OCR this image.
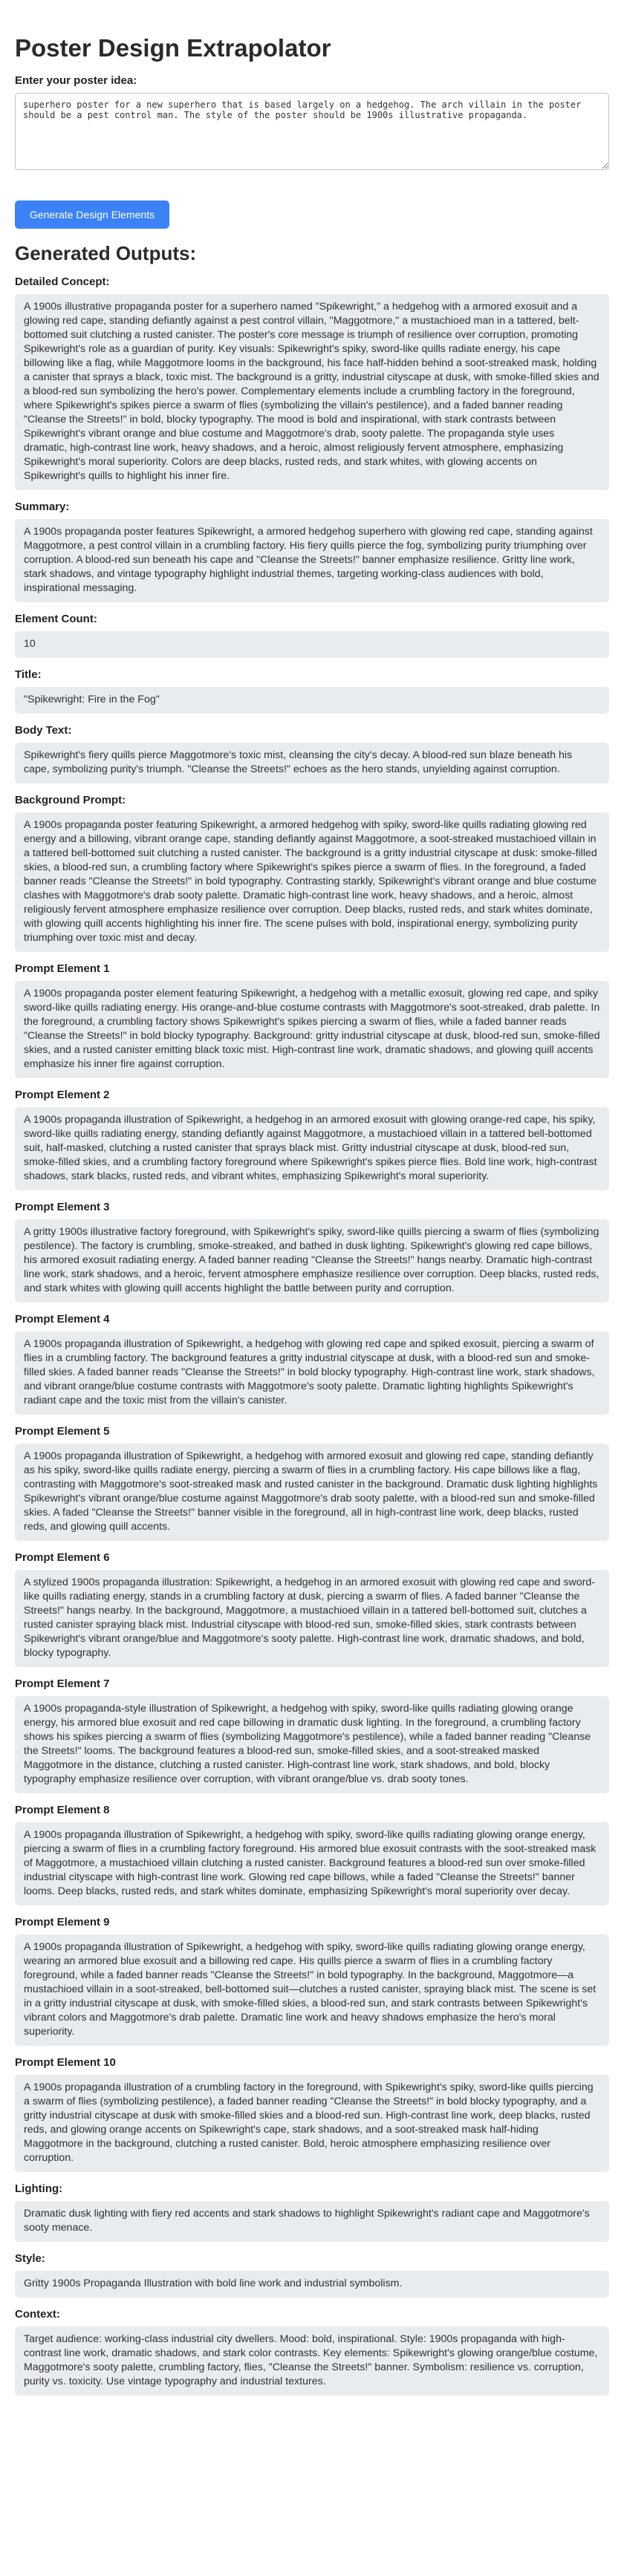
Poster Design Extrapolator
Enter your poster idea:
superhero poster for a new superhero that is based largely on a hedgehog. The arch villain in the poster should be a pest control man. The style of the poster should be 1900s illustrative propaganda.
Generate Design Elements
Generated Outputs:
Detailed Concept:
A 1900s illustrative propaganda poster for a superhero named "Spikewright," a hedgehog with a armored exosuit and a glowing red cape, standing defiantly against a pest control villain, "Maggotmore," a mustachioed man in a tattered, belt-bottomed suit clutching a rusted canister. The poster's core message is triumph of resilience over corruption, promoting Spikewright's role as a guardian of purity. Key visuals: Spikewright's spiky, sword-like quills radiate energy, his cape billowing like a flag, while Maggotmore looms in the background, his face half-hidden behind a soot-streaked mask, holding a canister that sprays a black, toxic mist. The background is a gritty, industrial cityscape at dusk, with smoke-filled skies and a blood-red sun symbolizing the hero's power. Complementary elements include a crumbling factory in the foreground, where Spikewright's spikes pierce a swarm of flies (symbolizing the villain's pestilence), and a faded banner reading "Cleanse the Streets!" in bold, blocky typography. The mood is bold and inspirational, with stark contrasts between Spikewright's vibrant orange and blue costume and Maggotmore's drab, sooty palette. The propaganda style uses dramatic, high-contrast line work, heavy shadows, and a heroic, almost religiously fervent atmosphere, emphasizing Spikewright's moral superiority. Colors are deep blacks, rusted reds, and stark whites, with glowing accents on Spikewright's quills to highlight his inner fire.
Summary:
A 1900s propaganda poster features Spikewright, a armored hedgehog superhero with glowing red cape, standing against Maggotmore, a pest control villain in a crumbling factory. His fiery quills pierce the fog, symbolizing purity triumphing over corruption. A blood-red sun beneath his cape and "Cleanse the Streets!" banner emphasize resilience. Gritty line work, stark shadows, and vintage typography highlight industrial themes, targeting working-class audiences with bold, inspirational messaging.
Element Count:
10
Title:
"Spikewright: Fire in the Fog"
Body Text:
Spikewright's fiery quills pierce Maggotmore's toxic mist, cleansing the city's decay. A blood-red sun blaze beneath his cape, symbolizing purity's triumph. "Cleanse the Streets!" echoes as the hero stands, unyielding against corruption.
Background Prompt:
A 1900s propaganda poster featuring Spikewright, a armored hedgehog with spiky, sword-like quills radiating glowing red energy and a billowing, vibrant orange cape, standing defiantly against Maggotmore, a soot-streaked mustachioed villain in a tattered bell-bottomed suit clutching a rusted canister. The background is a gritty industrial cityscape at dusk: smoke-filled skies, a blood-red sun, a crumbling factory where Spikewright's spikes pierce a swarm of flies. In the foreground, a faded banner reads "Cleanse the Streets!" in bold typography. Contrasting starkly, Spikewright's vibrant orange and blue costume clashes with Maggotmore's drab sooty palette. Dramatic high-contrast line work, heavy shadows, and a heroic, almost religiously fervent atmosphere emphasize resilience over corruption. Deep blacks, rusted reds, and stark whites dominate, with glowing quill accents highlighting his inner fire. The scene pulses with bold, inspirational energy, symbolizing purity triumphing over toxic mist and decay.
Prompt Element 1
A 1900s propaganda poster element featuring Spikewright, a hedgehog with a metallic exosuit, glowing red cape, and spiky sword-like quills radiating energy. His orange-and-blue costume contrasts with Maggotmore's soot-streaked, drab palette. In the foreground, a crumbling factory shows Spikewright's spikes piercing a swarm of flies, while a faded banner reads "Cleanse the Streets!" in bold blocky typography. Background: gritty industrial cityscape at dusk, blood-red sun, smoke-filled skies, and a rusted canister emitting black toxic mist. High-contrast line work, dramatic shadows, and glowing quill accents emphasize his inner fire against corruption.
Prompt Element 2
A 1900s propaganda illustration of Spikewright, a hedgehog in an armored exosuit with glowing orange-red cape, his spiky, sword-like quills radiating energy, standing defiantly against Maggotmore, a mustachioed villain in a tattered bell-bottomed suit, half-masked, clutching a rusted canister that sprays black mist. Gritty industrial cityscape at dusk, blood-red sun, smoke-filled skies, and a crumbling factory foreground where Spikewright's spikes pierce flies. Bold line work, high-contrast shadows, stark blacks, rusted reds, and vibrant whites, emphasizing Spikewright's moral superiority.
Prompt Element 3
A gritty 1900s illustrative factory foreground, with Spikewright's spiky, sword-like quills piercing a swarm of flies (symbolizing pestilence). The factory is crumbling, smoke-streaked, and bathed in dusk lighting. Spikewright's glowing red cape billows, his armored exosuit radiating energy. A faded banner reading "Cleanse the Streets!" hangs nearby. Dramatic high-contrast line work, stark shadows, and a heroic, fervent atmosphere emphasize resilience over corruption. Deep blacks, rusted reds, and stark whites with glowing quill accents highlight the battle between purity and corruption.
Prompt Element 4
A 1900s propaganda illustration of Spikewright, a hedgehog with glowing red cape and spiked exosuit, piercing a swarm of flies in a crumbling factory. The background features a gritty industrial cityscape at dusk, with a blood-red sun and smoke-filled skies. A faded banner reads "Cleanse the Streets!" in bold blocky typography. High-contrast line work, stark shadows, and vibrant orange/blue costume contrasts with Maggotmore's sooty palette. Dramatic lighting highlights Spikewright's radiant cape and the toxic mist from the villain's canister.
Prompt Element 5
A 1900s propaganda illustration of Spikewright, a hedgehog with armored exosuit and glowing red cape, standing defiantly as his spiky, sword-like quills radiate energy, piercing a swarm of flies in a crumbling factory. His cape billows like a flag, contrasting with Maggotmore's soot-streaked mask and rusted canister in the background. Dramatic dusk lighting highlights Spikewright's vibrant orange/blue costume against Maggotmore's drab sooty palette, with a blood-red sun and smoke-filled skies. A faded "Cleanse the Streets!" banner visible in the foreground, all in high-contrast line work, deep blacks, rusted reds, and glowing quill accents.
Prompt Element 6
A stylized 1900s propaganda illustration: Spikewright, a hedgehog in an armored exosuit with glowing red cape and sword-like quills radiating energy, stands in a crumbling factory at dusk, piercing a swarm of flies. A faded banner "Cleanse the Streets!" hangs nearby. In the background, Maggotmore, a mustachioed villain in a tattered bell-bottomed suit, clutches a rusted canister spraying black mist. Industrial cityscape with blood-red sun, smoke-filled skies, stark contrasts between Spikewright's vibrant orange/blue and Maggotmore's sooty palette. High-contrast line work, dramatic shadows, and bold, blocky typography.
Prompt Element 7
A 1900s propaganda-style illustration of Spikewright, a hedgehog with spiky, sword-like quills radiating glowing orange energy, his armored blue exosuit and red cape billowing in dramatic dusk lighting. In the foreground, a crumbling factory shows his spikes piercing a swarm of flies (symbolizing Maggotmore's pestilence), while a faded banner reading "Cleanse the Streets!" looms. The background features a blood-red sun, smoke-filled skies, and a soot-streaked masked Maggotmore in the distance, clutching a rusted canister. High-contrast line work, stark shadows, and bold, blocky typography emphasize resilience over corruption, with vibrant orange/blue vs. drab sooty tones.
Prompt Element 8
A 1900s propaganda illustration of Spikewright, a hedgehog with spiky, sword-like quills radiating glowing orange energy, piercing a swarm of flies in a crumbling factory foreground. His armored blue exosuit contrasts with the soot-streaked mask of Maggotmore, a mustachioed villain clutching a rusted canister. Background features a blood-red sun over smoke-filled industrial cityscape with high-contrast line work. Glowing red cape billows, while a faded "Cleanse the Streets!" banner looms. Deep blacks, rusted reds, and stark whites dominate, emphasizing Spikewright's moral superiority over decay.
Prompt Element 9
A 1900s propaganda illustration of Spikewright, a hedgehog with spiky, sword-like quills radiating glowing orange energy, wearing an armored blue exosuit and a billowing red cape. His quills pierce a swarm of flies in a crumbling factory foreground, while a faded banner reads "Cleanse the Streets!" in bold typography. In the background, Maggotmore—a mustachioed villain in a soot-streaked, bell-bottomed suit—clutches a rusted canister, spraying black mist. The scene is set in a gritty industrial cityscape at dusk, with smoke-filled skies, a blood-red sun, and stark contrasts between Spikewright's vibrant colors and Maggotmore's drab palette. Dramatic line work and heavy shadows emphasize the hero's moral superiority.
Prompt Element 10
A 1900s propaganda illustration of a crumbling factory in the foreground, with Spikewright's spiky, sword-like quills piercing a swarm of flies (symbolizing pestilence), a faded banner reading "Cleanse the Streets!" in bold blocky typography, and a gritty industrial cityscape at dusk with smoke-filled skies and a blood-red sun. High-contrast line work, deep blacks, rusted reds, and glowing orange accents on Spikewright's cape, stark shadows, and a soot-streaked mask half-hiding Maggotmore in the background, clutching a rusted canister. Bold, heroic atmosphere emphasizing resilience over corruption.
Lighting:
Dramatic dusk lighting with fiery red accents and stark shadows to highlight Spikewright's radiant cape and Maggotmore's sooty menace.
Style:
Gritty 1900s Propaganda Illustration with bold line work and industrial symbolism.
Context:
Target audience: working-class industrial city dwellers. Mood: bold, inspirational. Style: 1900s propaganda with high-contrast line work, dramatic shadows, and stark color contrasts. Key elements: Spikewright's glowing orange/blue costume, Maggotmore's sooty palette, crumbling factory, flies, "Cleanse the Streets!" banner. Symbolism: resilience vs. corruption, purity vs. toxicity. Use vintage typography and industrial textures.
